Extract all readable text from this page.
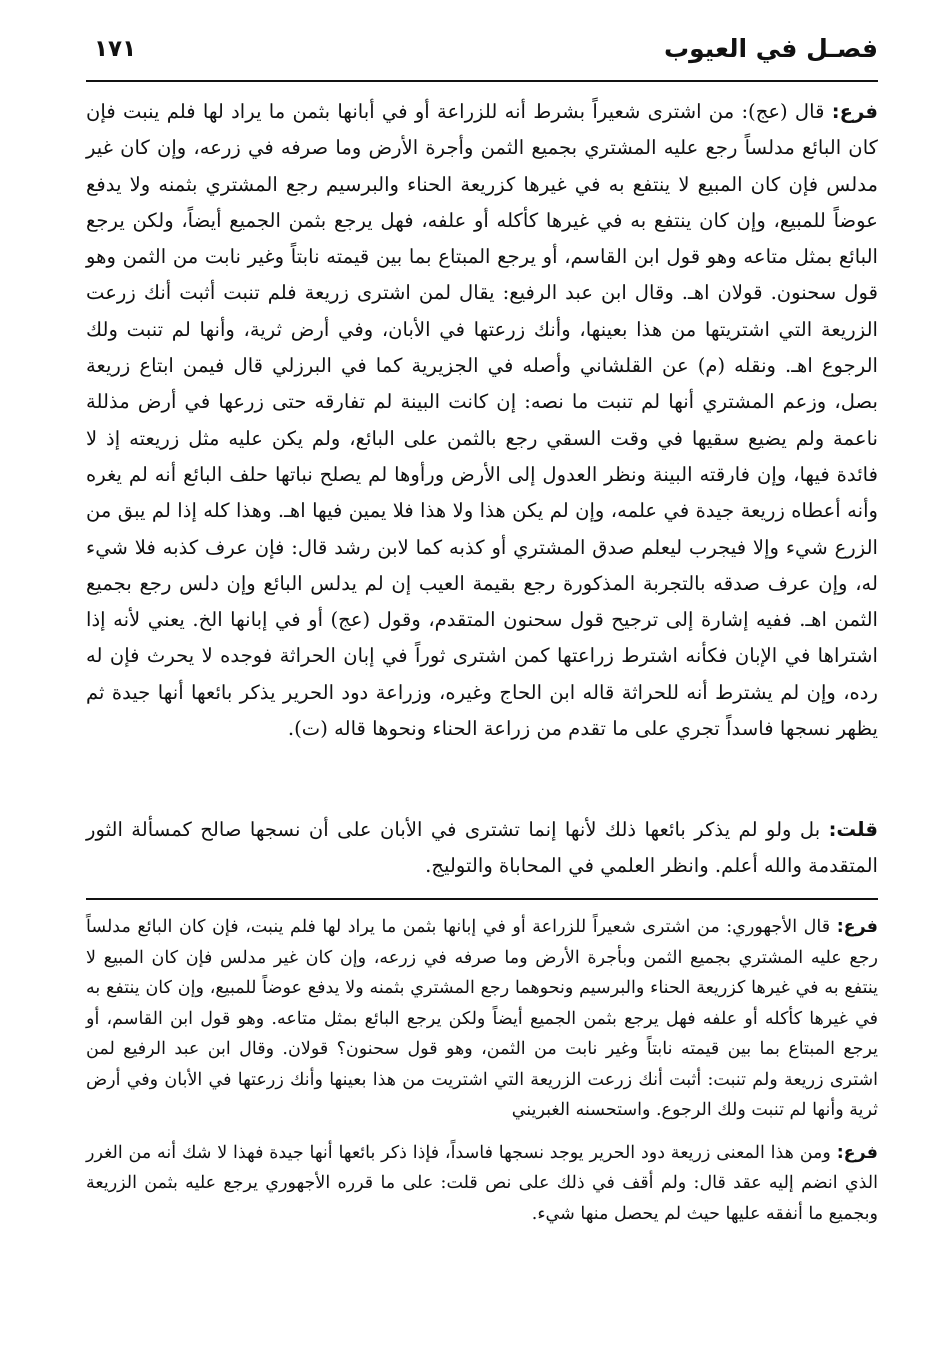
فصـل في العيوب
١٧١

فرع: قال (عج): من اشترى شعيراً بشرط أنه للزراعة أو في أبانها بثمن ما يراد لها فلم ينبت فإن كان البائع مدلساً رجع عليه المشتري بجميع الثمن وأجرة الأرض وما صرفه في زرعه، وإن كان غير مدلس فإن كان المبيع لا ينتفع به في غيرها كزريعة الحناء والبرسيم رجع المشتري بثمنه ولا يدفع عوضاً للمبيع، وإن كان ينتفع به في غيرها كأكله أو علفه، فهل يرجع بثمن الجميع أيضاً، ولكن يرجع البائع بمثل متاعه وهو قول ابن القاسم، أو يرجع المبتاع بما بين قيمته نابتاً وغير نابت من الثمن وهو قول سحنون. قولان اهـ. وقال ابن عبد الرفيع: يقال لمن اشترى زريعة فلم تنبت أثبت أنك زرعت الزريعة التي اشتريتها من هذا بعينها، وأنك زرعتها في الأبان، وفي أرض ثرية، وأنها لم تنبت ولك الرجوع اهـ. ونقله (م) عن القلشاني وأصله في الجزيرية كما في البرزلي قال فيمن ابتاع زريعة بصل، وزعم المشتري أنها لم تنبت ما نصه: إن كانت البينة لم تفارقه حتى زرعها في أرض مذللة ناعمة ولم يضيع سقيها في وقت السقي رجع بالثمن على البائع، ولم يكن عليه مثل زريعته إذ لا فائدة فيها، وإن فارقته البينة ونظر العدول إلى الأرض ورأوها لم يصلح نباتها حلف البائع أنه لم يغره وأنه أعطاه زريعة جيدة في علمه، وإن لم يكن هذا ولا هذا فلا يمين فيها اهـ. وهذا كله إذا لم يبق من الزرع شيء وإلا فيجرب ليعلم صدق المشتري أو كذبه كما لابن رشد قال: فإن عرف كذبه فلا شيء له، وإن عرف صدقه بالتجربة المذكورة رجع بقيمة العيب إن لم يدلس البائع وإن دلس رجع بجميع الثمن اهـ. ففيه إشارة إلى ترجيح قول سحنون المتقدم، وقول (عج) أو في إبانها الخ. يعني لأنه إذا اشتراها في الإبان فكأنه اشترط زراعتها كمن اشترى ثوراً في إبان الحراثة فوجده لا يحرث فإن له رده، وإن لم يشترط أنه للحراثة قاله ابن الحاج وغيره، وزراعة دود الحرير يذكر بائعها أنها جيدة ثم يظهر نسجها فاسداً تجري على ما تقدم من زراعة الحناء ونحوها قاله (ت).

قلت: بل ولو لم يذكر بائعها ذلك لأنها إنما تشترى في الأبان على أن نسجها صالح كمسألة الثور المتقدمة والله أعلم. وانظر العلمي في المحاباة والتوليج.

فرع: قال الأجهوري: من اشترى شعيراً للزراعة أو في إبانها بثمن ما يراد لها فلم ينبت، فإن كان البائع مدلساً رجع عليه المشتري بجميع الثمن وبأجرة الأرض وما صرفه في زرعه، وإن كان غير مدلس فإن كان المبيع لا ينتفع به في غيرها كزريعة الحناء والبرسيم ونحوهما رجع المشتري بثمنه ولا يدفع عوضاً للمبيع، وإن كان ينتفع به في غيرها كأكله أو علفه فهل يرجع بثمن الجميع أيضاً ولكن يرجع البائع بمثل متاعه. وهو قول ابن القاسم، أو يرجع المبتاع بما بين قيمته نابتاً وغير نابت من الثمن، وهو قول سحنون؟ قولان. وقال ابن عبد الرفيع لمن اشترى زريعة ولم تنبت: أثبت أنك زرعت الزريعة التي اشتريت من هذا بعينها وأنك زرعتها في الأبان وفي أرض ثرية وأنها لم تنبت ولك الرجوع. واستحسنه الغبريني

فرع: ومن هذا المعنى زريعة دود الحرير يوجد نسجها فاسداً، فإذا ذكر بائعها أنها جيدة فهذا لا شك أنه من الغرر الذي انضم إليه عقد قال: ولم أقف في ذلك على نص قلت: على ما قرره الأجهوري يرجع عليه بثمن الزريعة وبجميع ما أنفقه عليها حيث لم يحصل منها شيء.
